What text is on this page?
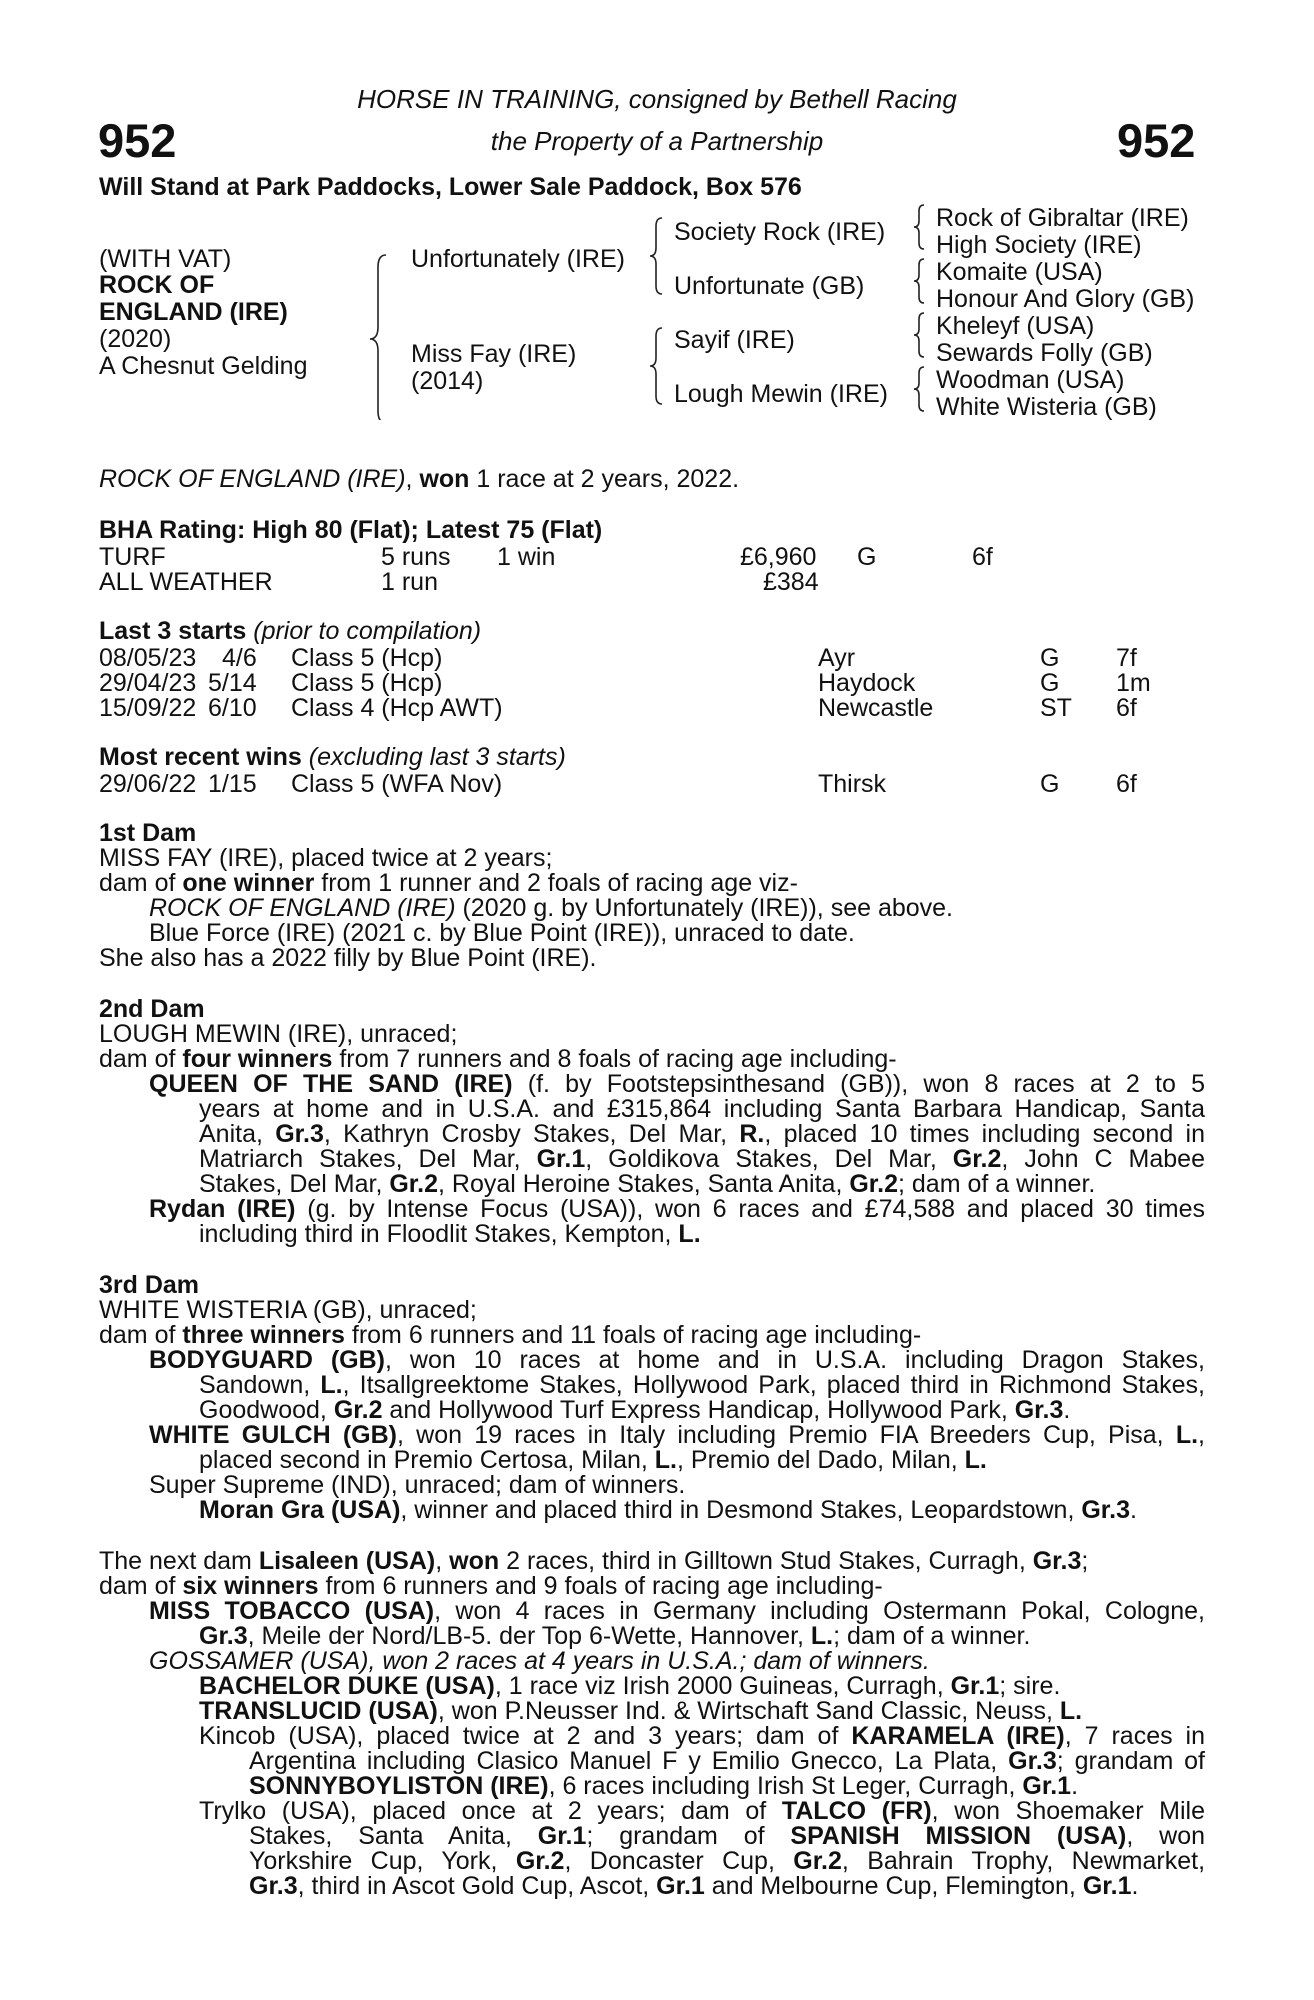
952	952
HORSE IN TRAINING, consigned by Bethell Racing
the Property of a Partnership
Will Stand at Park Paddocks, Lower Sale Paddock, Box 576
(WITH VAT)
ROCK OF
ENGLAND (IRE)
(2020)
A Chesnut Gelding
Unfortunately (IRE)
Miss Fay (IRE)
(2014)
Society Rock (IRE)
Unfortunate (GB)
Sayif (IRE)
Lough Mewin (IRE)
Rock of Gibraltar (IRE)
High Society (IRE)
Komaite (USA)
Honour And Glory (GB)
Kheleyf (USA)
Sewards Folly (GB)
Woodman (USA)
White Wisteria (GB)
ROCK OF ENGLAND (IRE), won 1 race at 2 years, 2022.
BHA Rating: High 80 (Flat); Latest 75 (Flat)
TURF	5 runs 1 win	£6,960 G	6f
ALL WEATHER	1 run	£384
Last 3 starts (prior to compilation)
08/05/23 4/6 Class 5 (Hcp)	Ayr	G 7f
29/04/23 5/14 Class 5 (Hcp)	Haydock	G 1m
15/09/22 6/10 Class 4 (Hcp AWT)	Newcastle	ST 6f
Most recent wins (excluding last 3 starts)
29/06/22 1/15 Class 5 (WFA Nov)	Thirsk	G 6f
1st Dam
MISS FAY (IRE), placed twice at 2 years;
dam of one winner from 1 runner and 2 foals of racing age viz-
ROCK OF ENGLAND (IRE) (2020 g. by Unfortunately (IRE)), see above.
Blue Force (IRE) (2021 c. by Blue Point (IRE)), unraced to date.
She also has a 2022 filly by Blue Point (IRE).
2nd Dam
LOUGH MEWIN (IRE), unraced;
dam of four winners from 7 runners and 8 foals of racing age including-
QUEEN OF THE SAND (IRE) (f. by Footstepsinthesand (GB)), won 8 races at 2 to 5
years at home and in U.S.A. and £315,864 including Santa Barbara Handicap, Santa
Anita, Gr.3, Kathryn Crosby Stakes, Del Mar, R., placed 10 times including second in
Matriarch Stakes, Del Mar, Gr.1, Goldikova Stakes, Del Mar, Gr.2, John C Mabee
Stakes, Del Mar, Gr.2, Royal Heroine Stakes, Santa Anita, Gr.2; dam of a winner.
Rydan (IRE) (g. by Intense Focus (USA)), won 6 races and £74,588 and placed 30 times
including third in Floodlit Stakes, Kempton, L.
3rd Dam
WHITE WISTERIA (GB), unraced;
dam of three winners from 6 runners and 11 foals of racing age including-
BODYGUARD (GB), won 10 races at home and in U.S.A. including Dragon Stakes,
Sandown, L., Itsallgreektome Stakes, Hollywood Park, placed third in Richmond Stakes,
Goodwood, Gr.2 and Hollywood Turf Express Handicap, Hollywood Park, Gr.3.
WHITE GULCH (GB), won 19 races in Italy including Premio FIA Breeders Cup, Pisa, L.,
placed second in Premio Certosa, Milan, L., Premio del Dado, Milan, L.
Super Supreme (IND), unraced; dam of winners.
Moran Gra (USA), winner and placed third in Desmond Stakes, Leopardstown, Gr.3.
The next dam Lisaleen (USA), won 2 races, third in Gilltown Stud Stakes, Curragh, Gr.3;
dam of six winners from 6 runners and 9 foals of racing age including-
MISS TOBACCO (USA), won 4 races in Germany including Ostermann Pokal, Cologne,
Gr.3, Meile der Nord/LB-5. der Top 6-Wette, Hannover, L.; dam of a winner.
GOSSAMER (USA), won 2 races at 4 years in U.S.A.; dam of winners.
BACHELOR DUKE (USA), 1 race viz Irish 2000 Guineas, Curragh, Gr.1; sire.
TRANSLUCID (USA), won P.Neusser Ind. & Wirtschaft Sand Classic, Neuss, L.
Kincob (USA), placed twice at 2 and 3 years; dam of KARAMELA (IRE), 7 races in
Argentina including Clasico Manuel F y Emilio Gnecco, La Plata, Gr.3; grandam of
SONNYBOYLISTON (IRE), 6 races including Irish St Leger, Curragh, Gr.1.
Trylko (USA), placed once at 2 years; dam of TALCO (FR), won Shoemaker Mile
Stakes, Santa Anita, Gr.1; grandam of SPANISH MISSION (USA), won
Yorkshire Cup, York, Gr.2, Doncaster Cup, Gr.2, Bahrain Trophy, Newmarket,
Gr.3, third in Ascot Gold Cup, Ascot, Gr.1 and Melbourne Cup, Flemington, Gr.1.
